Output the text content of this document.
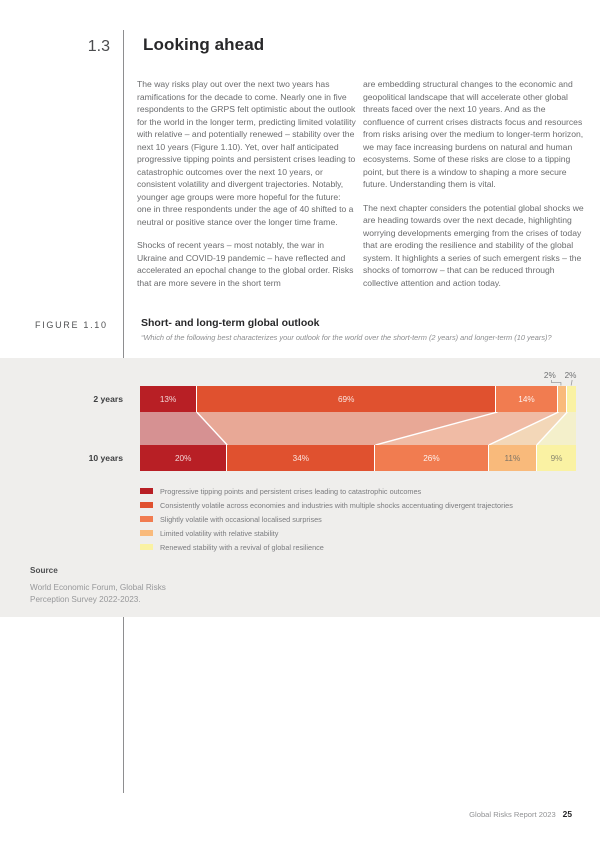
1.3 Looking ahead

The way risks play out over the next two years has ramifications for the decade to come. Nearly one in five respondents to the GRPS felt optimistic about the outlook for the world in the longer term, predicting limited volatility with relative – and potentially renewed – stability over the next 10 years (Figure 1.10). Yet, over half anticipated progressive tipping points and persistent crises leading to catastrophic outcomes over the next 10 years, or consistent volatility and divergent trajectories. Notably, younger age groups were more hopeful for the future: one in three respondents under the age of 40 shifted to a neutral or positive stance over the longer time frame.

Shocks of recent years – most notably, the war in Ukraine and COVID-19 pandemic – have reflected and accelerated an epochal change to the global order. Risks that are more severe in the short term

are embedding structural changes to the economic and geopolitical landscape that will accelerate other global threats faced over the next 10 years. And as the confluence of current crises distracts focus and resources from risks arising over the medium to longer-term horizon, we may face increasing burdens on natural and human ecosystems. Some of these risks are close to a tipping point, but there is a window to shaping a more secure future. Understanding them is vital.

The next chapter considers the potential global shocks we are heading towards over the next decade, highlighting worrying developments emerging from the crises of today that are eroding the resilience and stability of the global system. It highlights a series of such emergent risks – the shocks of tomorrow – that can be reduced through collective attention and action today.

FIGURE 1.10	Short- and long-term global outlook
“Which of the following best characterizes your outlook for the world over the short-term (2 years) and longer-term (10 years)?
2 years	13%	69%	14%
10 years	20%	34%	26%	11%	9%
2% 2%
Progressive tipping points and persistent crises leading to catastrophic outcomes
Consistently volatile across economies and industries with multiple shocks accentuating divergent trajectories
Slightly volatile with occasional localised surprises
Limited volatility with relative stability
Renewed stability with a revival of global resilience
Source
World Economic Forum, Global Risks
Perception Survey 2022-2023.
Global Risks Report 2023 25
